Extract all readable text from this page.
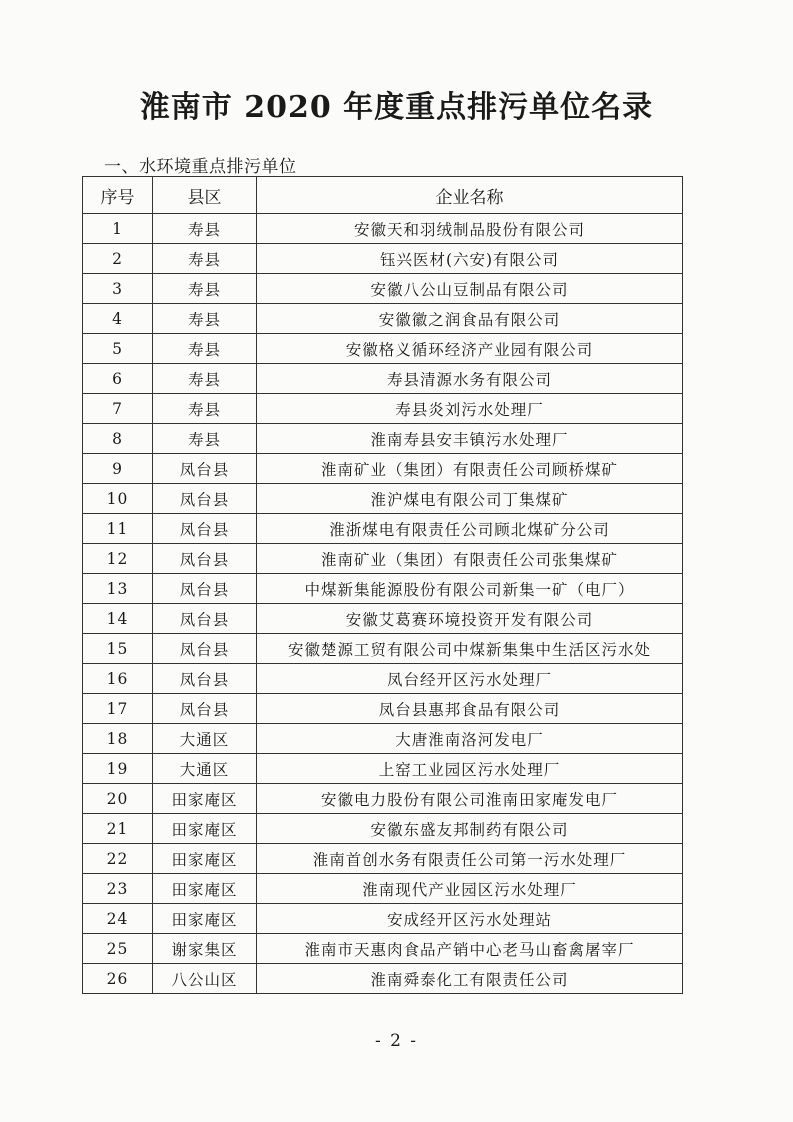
淮南市 2020 年度重点排污单位名录
一、水环境重点排污单位
序号	县区	企业名称
1	寿县	安徽天和羽绒制品股份有限公司
2	寿县	钰兴医材(六安)有限公司
3	寿县	安徽八公山豆制品有限公司
4	寿县	安徽徽之润食品有限公司
5	寿县	安徽格义循环经济产业园有限公司
6	寿县	寿县清源水务有限公司
7	寿县	寿县炎刘污水处理厂
8	寿县	淮南寿县安丰镇污水处理厂
9	凤台县	淮南矿业（集团）有限责任公司顾桥煤矿
10	凤台县	淮沪煤电有限公司丁集煤矿
11	凤台县	淮浙煤电有限责任公司顾北煤矿分公司
12	凤台县	淮南矿业（集团）有限责任公司张集煤矿
13	凤台县	中煤新集能源股份有限公司新集一矿（电厂）
14	凤台县	安徽艾葛赛环境投资开发有限公司
15	凤台县	安徽楚源工贸有限公司中煤新集集中生活区污水处
16	凤台县	凤台经开区污水处理厂
17	凤台县	凤台县惠邦食品有限公司
18	大通区	大唐淮南洛河发电厂
19	大通区	上窑工业园区污水处理厂
20	田家庵区	安徽电力股份有限公司淮南田家庵发电厂
21	田家庵区	安徽东盛友邦制药有限公司
22	田家庵区	淮南首创水务有限责任公司第一污水处理厂
23	田家庵区	淮南现代产业园区污水处理厂
24	田家庵区	安成经开区污水处理站
25	谢家集区	淮南市天惠肉食品产销中心老马山畜禽屠宰厂
26	八公山区	淮南舜泰化工有限责任公司
- 2 -
